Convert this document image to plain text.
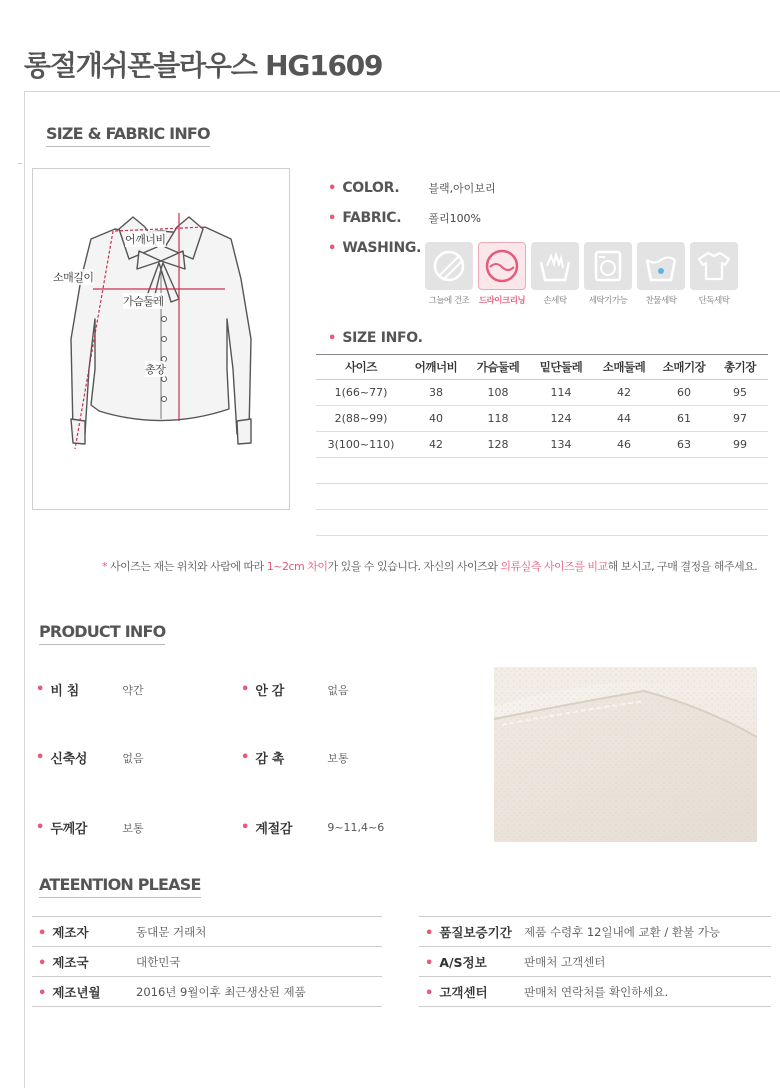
롱절개쉬폰블라우스 HG1609
SIZE & FABRIC INFO
어깨너비
소매길이
가슴둘레
총장
• COLOR.	블랙,아이보리
• FABRIC.	폴리100%
• WASHING.
그늘에 건조 드라이크리닝 손세탁	세탁기가능 찬물세탁	단독세탁
• SIZE INFO.
사이즈	어깨너비	가슴둘레	밑단둘레	소매둘레	소매기장	총기장
1(66~77)	38	108	114	42	60	95
2(88~99)	40	118	124	44	61	97
3(100~110)	42	128	134	46	63	99

* 사이즈는 재는 위치와 사람에 따라 1~2cm 차이가 있을 수 있습니다. 자신의 사이즈와 의류실측 사이즈를 비교해 보시고, 구매 결정을 해주세요.
PRODUCT INFO
• 비 침	약간	• 안 감	없음
• 신축성	없음	• 감 촉	보통
• 두께감	보통	• 계절감	9~11,4~6
ATEENTION PLEASE
• 제조자	동대문 거래처
• 제조국	대한민국
• 제조년월	2016년 9월이후 최근생산된 제품
• 품질보증기간	제품 수령후 12일내에 교환 / 환불 가능
• A/S정보	판매처 고객센터
• 고객센터	판매처 연락처를 확인하세요.
